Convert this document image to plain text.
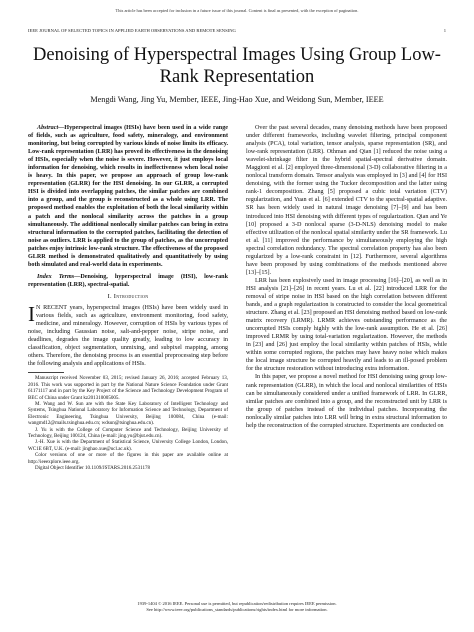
This article has been accepted for inclusion in a future issue of this journal. Content is final as presented, with the exception of pagination.
IEEE JOURNAL OF SELECTED TOPICS IN APPLIED EARTH OBSERVATIONS AND REMOTE SENSING	1
Denoising of Hyperspectral Images Using Group Low-Rank Representation
Mengdi Wang, Jing Yu, Member, IEEE, Jing-Hao Xue, and Weidong Sun, Member, IEEE

Abstract—Hyperspectral images (HSIs) have been used in a wide range of fields, such as agriculture, food safety, mineralogy, and environment monitoring, but being corrupted by various kinds of noise limits its efficacy. Low-rank representation (LRR) has proved its effectiveness in the denoising of HSIs, especially when the noise is severe. However, it just employs local information for denoising, which results in ineffectiveness when local noise is heavy. In this paper, we propose an approach of group low-rank representation (GLRR) for the HSI denoising. In our GLRR, a corrupted HSI is divided into overlapping patches, the similar patches are combined into a group, and the group is reconstructed as a whole using LRR. The proposed method enables the exploitation of both the local similarity within a patch and the nonlocal similarity across the patches in a group simultaneously. The additional nonlocally similar patches can bring in extra structural information to the corrupted patches, facilitating the detection of noise as outliers. LRR is applied to the group of patches, as the uncorrupted patches enjoy intrinsic low-rank structure. The effectiveness of the proposed GLRR method is demonstrated qualitatively and quantitatively by using both simulated and real-world data in experiments.

Index Terms—Denoising, hyperspectral image (HSI), low-rank representation (LRR), spectral-spatial.

I. Introduction

I N RECENT years, hyperspectral images (HSIs) have been widely used in various fields, such as agriculture, environment monitoring, food safety, medicine, and mineralogy. However, corruption of HSIs by various types of noise, including Gaussian noise, salt-and-pepper noise, stripe noise, and deadlines, degrades the image quality greatly, leading to low accuracy in classification, object segmentation, unmixing, and subpixel mapping, among others. Therefore, the denoising process is an essential preprocessing step before the following analysis and applications of HSIs.

Manuscript received November 03, 2015; revised January 26, 2016; accepted February 13, 2016. This work was supported in part by the National Nature Science Foundation under Grant 61171117 and in part by the Key Project of the Science and Technology Development Program of BEC of China under Grant kz201310005005.

M. Wang and W. Sun are with the State Key Laboratory of Intelligent Technology and Systems, Tsinghua National Laboratory for Information Science and Technology, Department of Electronic Engineering, Tsinghua University, Beijing 100084, China (e-mail: wangmd12@mails.tsinghua.edu.cn; wdsun@tsinghua.edu.cn).

J. Yu is with the College of Computer Science and Technology, Beijing University of Technology, Beijing 100124, China (e-mail: jing.yu@bjut.edu.cn).

J.-H. Xue is with the Department of Statistical Science, University College London, London, WC1E 6BT, U.K. (e-mail: jinghao.xue@ucl.ac.uk).

Color versions of one or more of the figures in this paper are available online at http://ieeexplore.ieee.org.

Digital Object Identifier 10.1109/JSTARS.2016.2531178

Over the past several decades, many denoising methods have been proposed under different frameworks, including wavelet filtering, principal component analysis (PCA), total variation, tensor analysis, sparse representation (SR), and low-rank representation (LRR). Othman and Qian [1] reduced the noise using a wavelet-shrinkage filter in the hybrid spatial-spectral derivative domain. Maggioni et al. [2] employed three-dimensional (3-D) collaborative filtering in a nonlocal transform domain. Tensor analysis was employed in [3] and [4] for HSI denoising, with the former using the Tucker decomposition and the latter using rank-1 decomposition. Zhang [5] proposed a cubic total variation (CTV) regularization, and Yuan et al. [6] extended CTV to the spectral-spatial adaptive. SR has been widely used in natural image denoising [7]–[9] and has been introduced into HSI denoising with different types of regularization. Qian and Ye [10] proposed a 3-D nonlocal sparse (3-D-NLS) denoising model to make effective utilization of the nonlocal spatial similarity under the SR framework. Lu et al. [11] improved the performance by simultaneously employing the high spectral correlation redundancy. The spectral correlation property has also been regularized by a low-rank constraint in [12]. Furthermore, several algorithms have been proposed by using combinations of the methods mentioned above [13]–[15].

LRR has been explosively used in image processing [16]–[20], as well as in HSI analysis [21]–[26] in recent years. Lu et al. [22] introduced LRR for the removal of stripe noise in HSI based on the high correlation between different bands, and a graph regularization is constructed to consider the local geometrical structure. Zhang et al. [23] proposed an HSI denoising method based on low-rank matrix recovery (LRMR). LRMR achieves outstanding performance as the uncorrupted HSIs comply highly with the low-rank assumption. He et al. [26] improved LRMR by using total-variation regularization. However, the methods in [23] and [26] just employ the local similarity within patches of HSIs, while within some corrupted regions, the patches may have heavy noise which makes the local image structure be corrupted heavily and leads to an ill-posed problem for the structure restoration without introducing extra information.

In this paper, we propose a novel method for HSI denoising using group low-rank representation (GLRR), in which the local and nonlocal similarities of HSIs can be simultaneously considered under a unified framework of LRR. In GLRR, similar patches are combined into a group, and the reconstructed unit by LRR is the group of patches instead of the individual patches. Incorporating the nonlocally similar patches into LRR will bring in extra structural information to help the reconstruction of the corrupted structure. Experiments are conducted on

1939-1404 © 2016 IEEE. Personal use is permitted, but republication/redistribution requires IEEE permission.
See http://www.ieee.org/publications_standards/publications/rights/index.html for more information.
